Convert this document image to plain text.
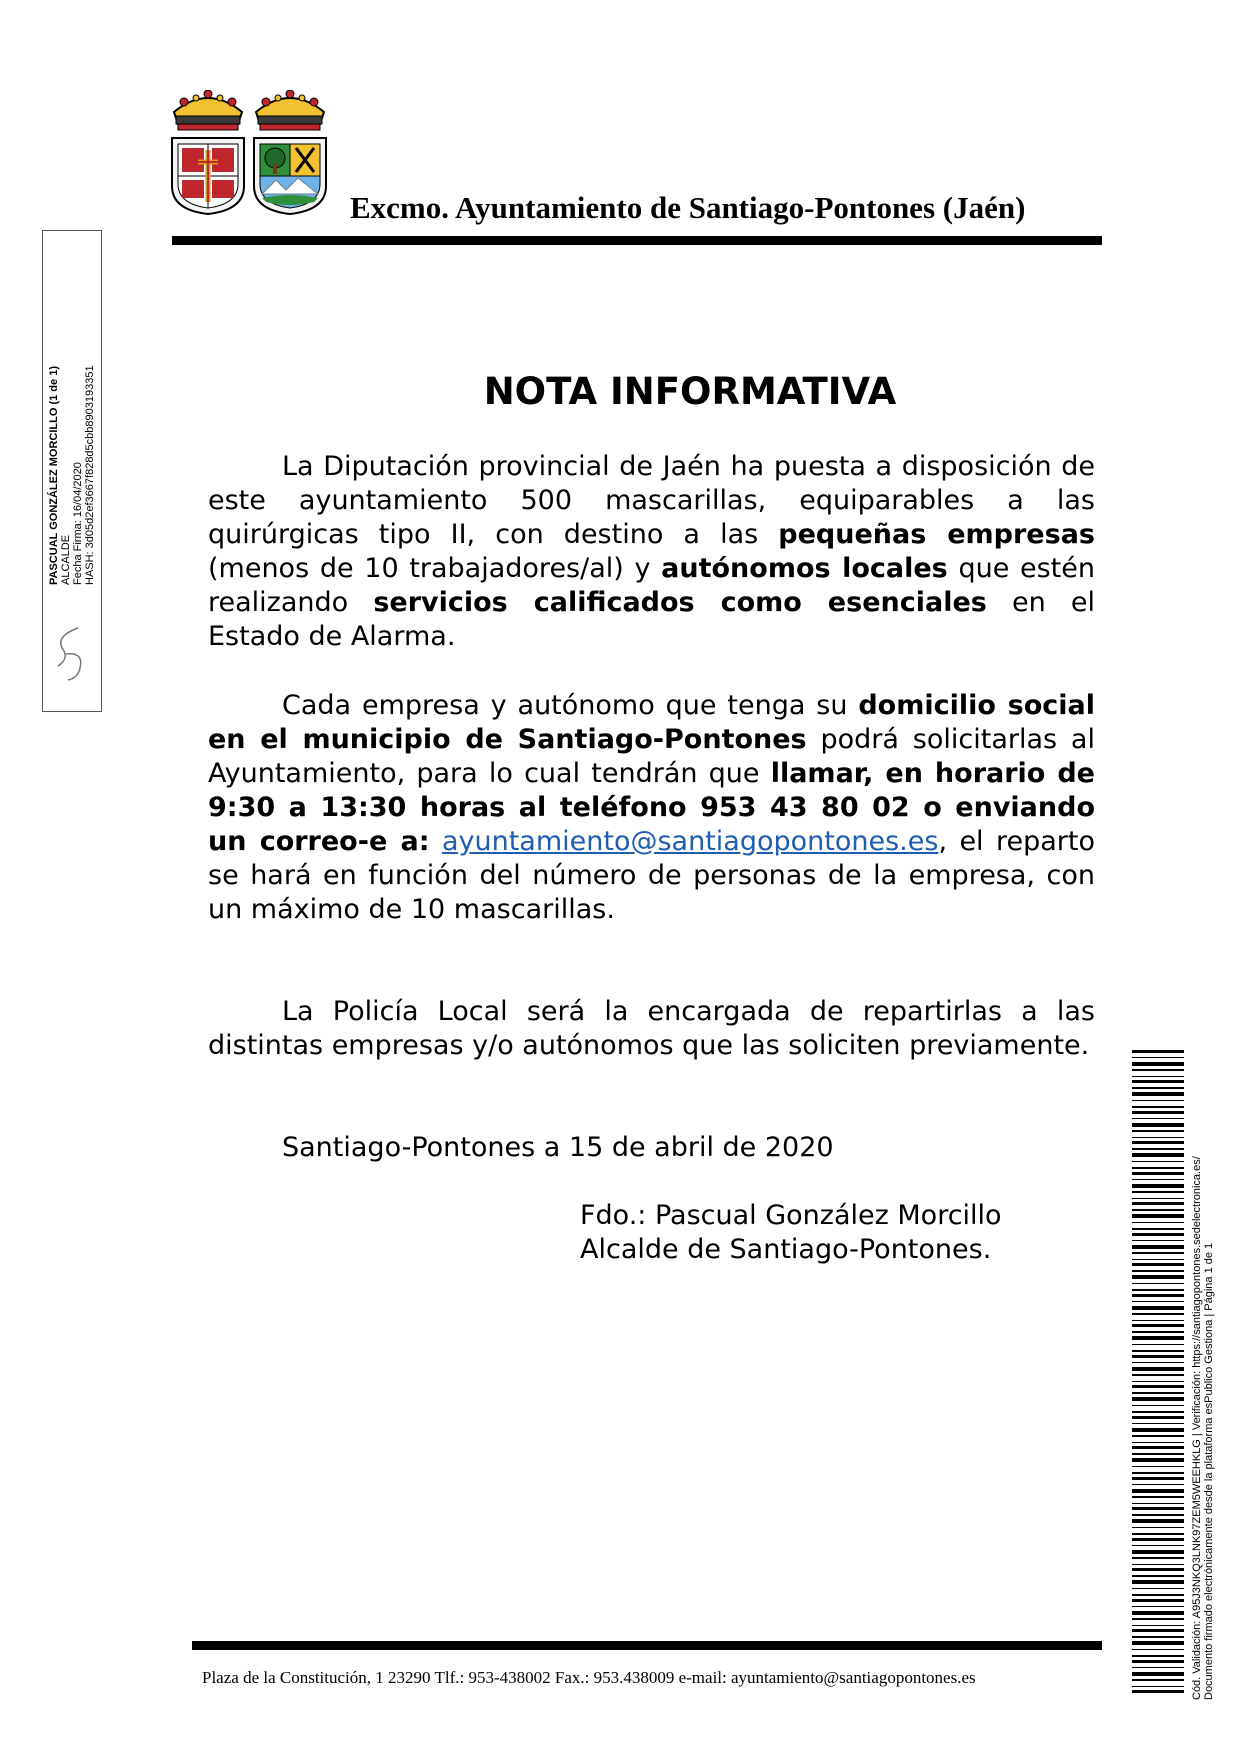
Excmo. Ayuntamiento de Santiago-Pontones (Jaén)
PASCUAL GONZÁLEZ MORCILLO (1 de 1) ALCALDE Fecha Firma: 16/04/2020 HASH: 3d05d2ef3667f828d5cbb8903193351	NOTA INFORMATIVA
La Diputación provincial de Jaén ha puesta a disposición de este ayuntamiento 500 mascarillas, equiparables a las quirúrgicas tipo II, con destino a las pequeñas empresas (menos de 10 trabajadores/al) y autónomos locales que estén realizando servicios calificados como esenciales en el Estado de Alarma.
Cada empresa y autónomo que tenga su domicilio social en el municipio de Santiago-Pontones podrá solicitarlas al Ayuntamiento, para lo cual tendrán que llamar, en horario de 9:30 a 13:30 horas al teléfono 953 43 80 02 o enviando un correo-e a: ayuntamiento@santiagopontones.es, el reparto se hará en función del número de personas de la empresa, con un máximo de 10 mascarillas.
La Policía Local será la encargada de repartirlas a las distintas empresas y/o autónomos que las soliciten previamente.
Santiago-Pontones a 15 de abril de 2020
Fdo.: Pascual González Morcillo
Alcalde de Santiago-Pontones.
Plaza de la Constitución, 1 23290 Tlf.: 953-438002 Fax.: 953.438009 e-mail: ayuntamiento@santiagopontones.es	Cód. Validación: A95J3NKQ3LNK97ZEM5WEEHKLG | Verificación: https://santiagopontones.sedelectronica.es/ Documento firmado electrónicamente desde la plataforma esPublico Gestiona | Página 1 de 1
